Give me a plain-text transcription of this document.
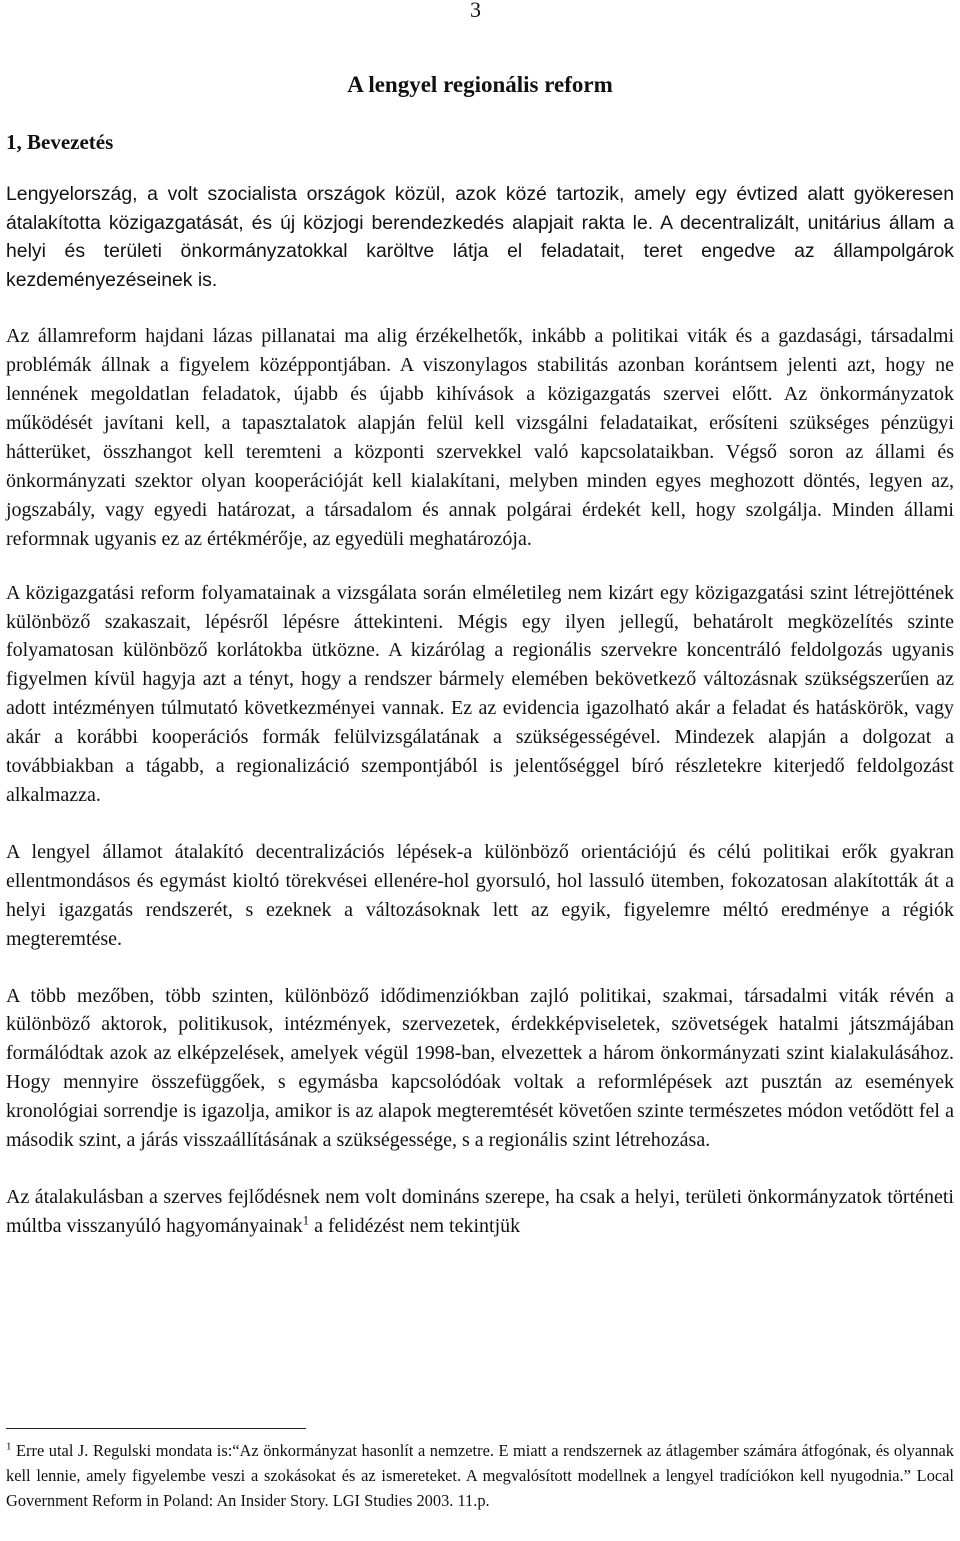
3
A lengyel regionális reform
1, Bevezetés

Lengyelország, a volt szocialista országok közül, azok közé tartozik, amely egy évtized alatt gyökeresen átalakította közigazgatását, és új közjogi berendezkedés alapjait rakta le. A decentralizált, unitárius állam a helyi és területi önkormányzatokkal karöltve látja el feladatait, teret engedve az állampolgárok kezdeményezéseinek is.

Az államreform hajdani lázas pillanatai ma alig érzékelhetők, inkább a politikai viták és a gazdasági, társadalmi problémák állnak a figyelem középpontjában. A viszonylagos stabilitás azonban korántsem jelenti azt, hogy ne lennének megoldatlan feladatok, újabb és újabb kihívások a közigazgatás szervei előtt. Az önkormányzatok működését javítani kell, a tapasztalatok alapján felül kell vizsgálni feladataikat, erősíteni szükséges pénzügyi hátterüket, összhangot kell teremteni a központi szervekkel való kapcsolataikban. Végső soron az állami és önkormányzati szektor olyan kooperációját kell kialakítani, melyben minden egyes meghozott döntés, legyen az, jogszabály, vagy egyedi határozat, a társadalom és annak polgárai érdekét kell, hogy szolgálja. Minden állami reformnak ugyanis ez az értékmérője, az egyedüli meghatározója.

A közigazgatási reform folyamatainak a vizsgálata során elméletileg nem kizárt egy közigazgatási szint létrejöttének különböző szakaszait, lépésről lépésre áttekinteni. Mégis egy ilyen jellegű, behatárolt megközelítés szinte folyamatosan különböző korlátokba ütközne. A kizárólag a regionális szervekre koncentráló feldolgozás ugyanis figyelmen kívül hagyja azt a tényt, hogy a rendszer bármely elemében bekövetkező változásnak szükségszerűen az adott intézményen túlmutató következményei vannak. Ez az evidencia igazolható akár a feladat és hatáskörök, vagy akár a korábbi kooperációs formák felülvizsgálatának a szükségességével. Mindezek alapján a dolgozat a továbbiakban a tágabb, a regionalizáció szempontjából is jelentőséggel bíró részletekre kiterjedő feldolgozást alkalmazza.

A lengyel államot átalakító decentralizációs lépések-a különböző orientációjú és célú politikai erők gyakran ellentmondásos és egymást kioltó törekvései ellenére-hol gyorsuló, hol lassuló ütemben, fokozatosan alakították át a helyi igazgatás rendszerét, s ezeknek a változásoknak lett az egyik, figyelemre méltó eredménye a régiók megteremtése.

A több mezőben, több szinten, különböző idődimenziókban zajló politikai, szakmai, társadalmi viták révén a különböző aktorok, politikusok, intézmények, szervezetek, érdekképviseletek, szövetségek hatalmi játszmájában formálódtak azok az elképzelések, amelyek végül 1998-ban, elvezettek a három önkormányzati szint kialakulásához. Hogy mennyire összefüggőek, s egymásba kapcsolódóak voltak a reformlépések azt pusztán az események kronológiai sorrendje is igazolja, amikor is az alapok megteremtését követően szinte természetes módon vetődött fel a második szint, a járás visszaállításának a szükségessége, s a regionális szint létrehozása.

Az átalakulásban a szerves fejlődésnek nem volt domináns szerepe, ha csak a helyi, területi önkormányzatok történeti múltba visszanyúló hagyományainak$^1$ a felidézést nem tekintjük

$^1$ Erre utal J. Regulski mondata is:“Az önkormányzat hasonlít a nemzetre. E miatt a rendszernek az átlagember számára átfogónak, és olyannak kell lennie, amely figyelembe veszi a szokásokat és az ismereteket. A megvalósított modellnek a lengyel tradíciókon kell nyugodnia.” Local Government Reform in Poland: An Insider Story. LGI Studies 2003. 11.p.
